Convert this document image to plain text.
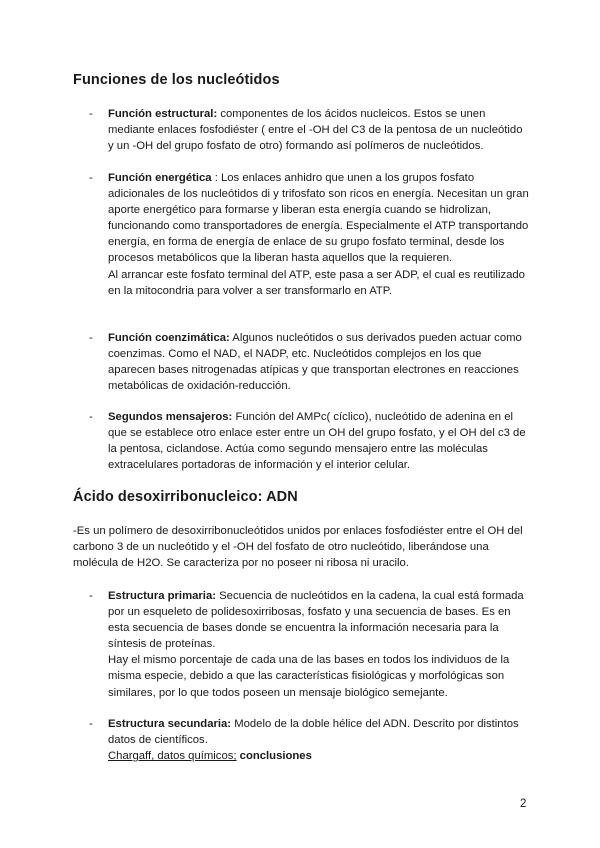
Funciones de los nucleótidos
- Función estructural: componentes de los ácidos nucleicos. Estos se unen mediante enlaces fosfodiéster ( entre el -OH del C3 de la pentosa de un nucleótido y un -OH del grupo fosfato de otro) formando así polímeros de nucleótidos.

- Función energética : Los enlaces anhidro que unen a los grupos fosfato adicionales de los nucleótidos di y trifosfato son ricos en energía. Necesitan un gran aporte energético para formarse y liberan esta energía cuando se hidrolizan, funcionando como transportadores de energía. Especialmente el ATP transportando energía, en forma de energía de enlace de su grupo fosfato terminal, desde los procesos metabólicos que la liberan hasta aquellos que la requieren.

Al arrancar este fosfato terminal del ATP, este pasa a ser ADP, el cual es reutilizado en la mitocondria para volver a ser transformarlo en ATP.

- Función coenzimática: Algunos nucleótidos o sus derivados pueden actuar como coenzimas. Como el NAD, el NADP, etc. Nucleótidos complejos en los que aparecen bases nitrogenadas atípicas y que transportan electrones en reacciones metabólicas de oxidación-reducción.

- Segundos mensajeros: Función del AMPc( cíclico), nucleótido de adenina en el que se establece otro enlace ester entre un OH del grupo fosfato, y el OH del c3 de la pentosa, ciclandose. Actúa como segundo mensajero entre las moléculas extracelulares portadoras de información y el interior celular.

Ácido desoxirribonucleico: ADN

-Es un polímero de desoxirribonucleótidos unidos por enlaces fosfodiéster entre el OH del carbono 3 de un nucleótido y el -OH del fosfato de otro nucleótido, liberándose una molécula de H2O. Se caracteriza por no poseer ni ribosa ni uracilo.

- Estructura primaria: Secuencia de nucleótidos en la cadena, la cual está formada por un esqueleto de polidesoxirribosas, fosfato y una secuencia de bases. Es en esta secuencia de bases donde se encuentra la información necesaria para la síntesis de proteínas.

Hay el mismo porcentaje de cada una de las bases en todos los individuos de la misma especie, debido a que las características fisiológicas y morfológicas son similares, por lo que todos poseen un mensaje biológico semejante.

- Estructura secundaria: Modelo de la doble hélice del ADN. Descrito por distintos datos de científicos.

Chargaff, datos químicos; conclusiones

2
